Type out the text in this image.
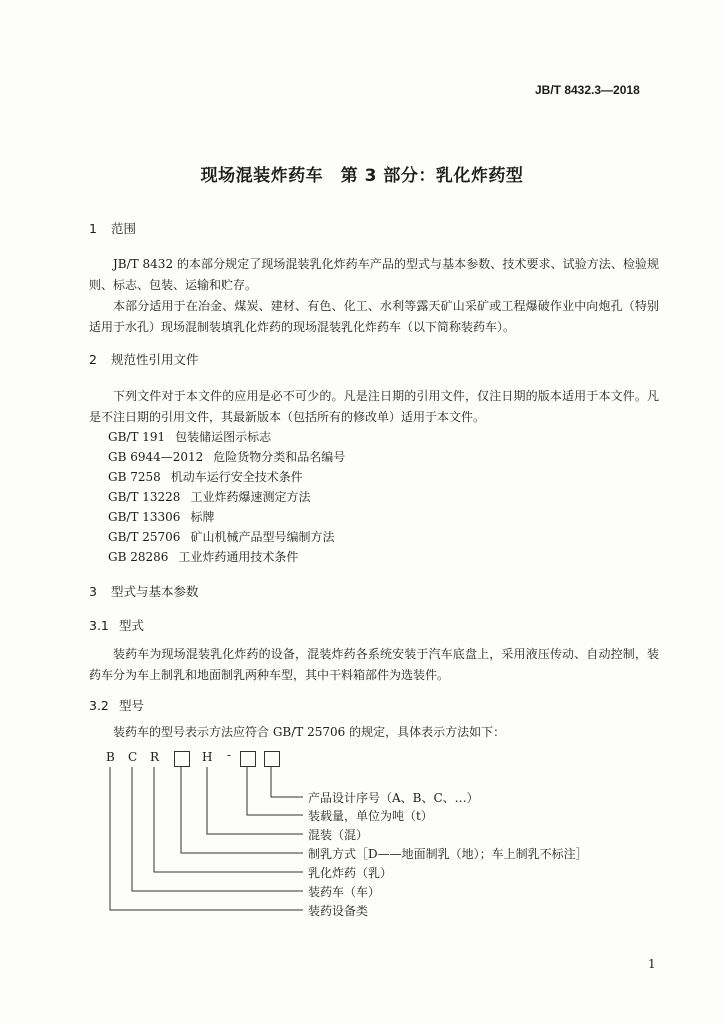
JB/T 8432.3—2018
现场混装炸药车　第 3 部分：乳化炸药型
1 范围
JB/T 8432 的本部分规定了现场混装乳化炸药车产品的型式与基本参数、技术要求、试验方法、检验规则、标志、包装、运输和贮存。
本部分适用于在冶金、煤炭、建材、有色、化工、水利等露天矿山采矿或工程爆破作业中向炮孔（特别适用于水孔）现场混制装填乳化炸药的现场混装乳化炸药车（以下简称装药车）。
2 规范性引用文件
下列文件对于本文件的应用是必不可少的。凡是注日期的引用文件，仅注日期的版本适用于本文件。凡是不注日期的引用文件，其最新版本（包括所有的修改单）适用于本文件。
GB/T 191 包装储运图示标志
GB 6944—2012 危险货物分类和品名编号
GB 7258 机动车运行安全技术条件
GB/T 13228 工业炸药爆速测定方法
GB/T 13306 标牌
GB/T 25706 矿山机械产品型号编制方法
GB 28286 工业炸药通用技术条件
3 型式与基本参数
3.1 型式
装药车为现场混装乳化炸药的设备，混装炸药各系统安装于汽车底盘上，采用液压传动、自动控制，装药车分为车上制乳和地面制乳两种车型，其中干料箱部件为选装件。
3.2 型号
装药车的型号表示方法应符合 GB/T 25706 的规定，具体表示方法如下：
B C R	H -
产品设计序号（A、B、C、…）
装载量，单位为吨（t）
混装（混）
制乳方式［D——地面制乳（地）；车上制乳不标注］
乳化炸药（乳）
装药车（车）
装药设备类
1
